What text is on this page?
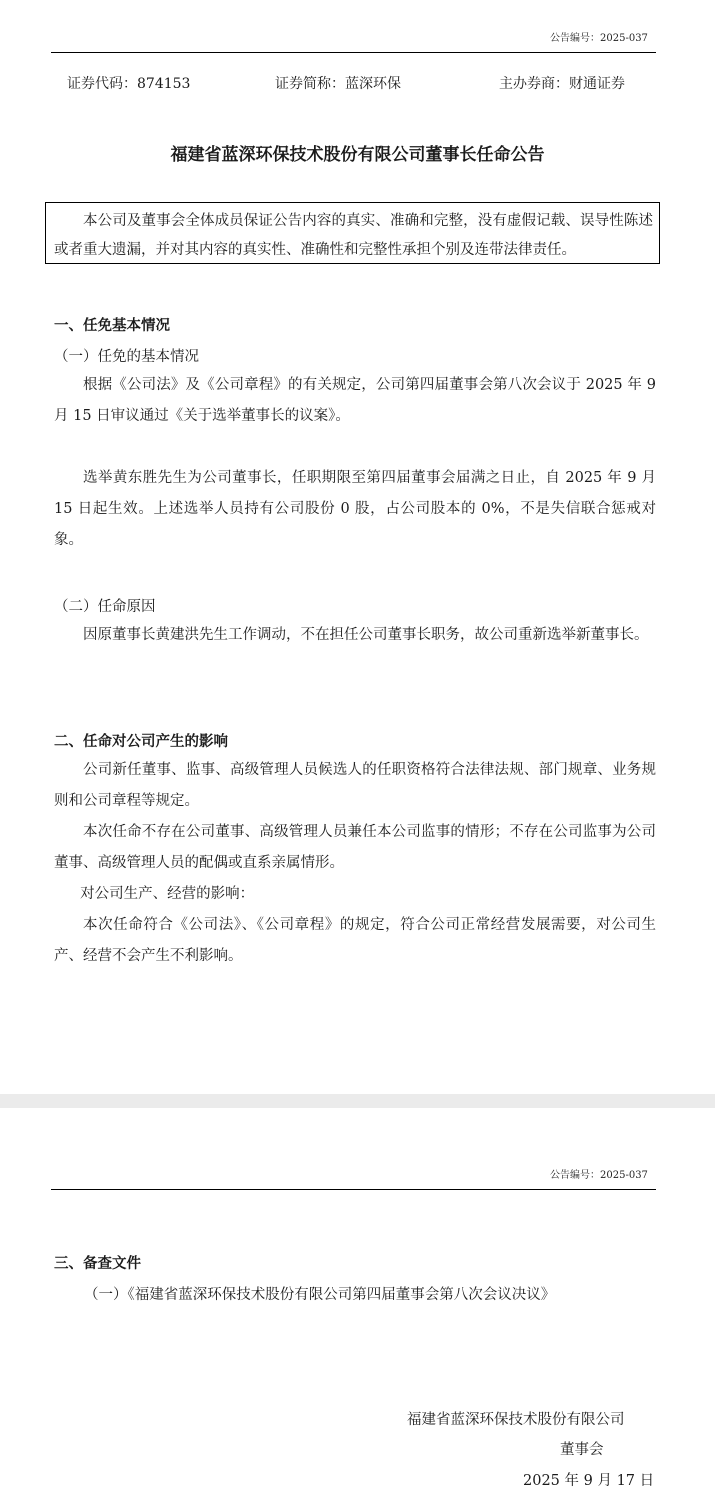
公告编号：2025-037
证券代码：874153	证券简称：蓝深环保	主办券商：财通证券
福建省蓝深环保技术股份有限公司董事长任命公告

本公司及董事会全体成员保证公告内容的真实、准确和完整，没有虚假记载、误导性陈述或者重大遗漏，并对其内容的真实性、准确性和完整性承担个别及连带法律责任。

一、任免基本情况
（一）任免的基本情况

根据《公司法》及《公司章程》的有关规定，公司第四届董事会第八次会议于 2025 年 9 月 15 日审议通过《关于选举董事长的议案》。

选举黄东胜先生为公司董事长，任职期限至第四届董事会届满之日止，自 2025 年 9 月 15 日起生效。上述选举人员持有公司股份 0 股，占公司股本的 0%，不是失信联合惩戒对象。

（二）任命原因

因原董事长黄建洪先生工作调动，不在担任公司董事长职务，故公司重新选举新董事长。

二、任命对公司产生的影响

公司新任董事、监事、高级管理人员候选人的任职资格符合法律法规、部门规章、业务规则和公司章程等规定。

本次任命不存在公司董事、高级管理人员兼任本公司监事的情形；不存在公司监事为公司董事、高级管理人员的配偶或直系亲属情形。

对公司生产、经营的影响：

本次任命符合《公司法》、《公司章程》的规定，符合公司正常经营发展需要，对公司生产、经营不会产生不利影响。

公告编号：2025-037
三、备查文件
（一）《福建省蓝深环保技术股份有限公司第四届董事会第八次会议决议》
福建省蓝深环保技术股份有限公司
董事会
2025 年 9 月 17 日
